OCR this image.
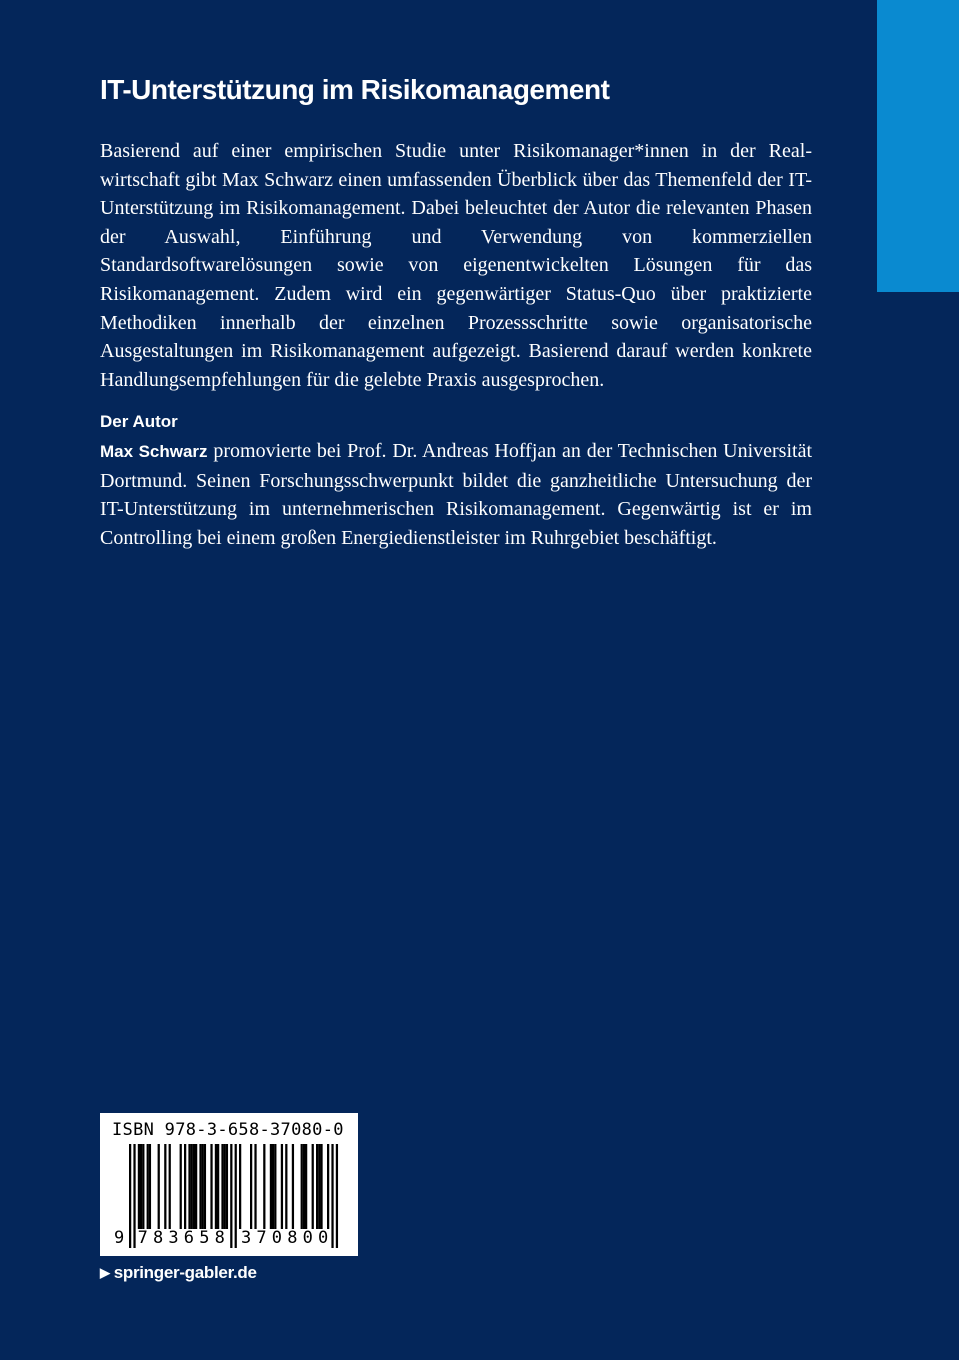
IT-Unterstützung im Risikomanagement

Basierend auf einer empirischen Studie unter Risikomanager*innen in der Realwirtschaft gibt Max Schwarz einen umfassenden Überblick über das Themenfeld der IT-Unterstützung im Risikomanagement. Dabei beleuchtet der Autor die relevanten Phasen der Auswahl, Einführung und Verwendung von kommerziellen Standardsoftwarelösungen sowie von eigenentwickelten Lösungen für das Risikomanagement. Zudem wird ein gegenwärtiger Status-Quo über praktizierte Methodiken innerhalb der einzelnen Prozessschritte sowie organisatorische Ausgestaltungen im Risikomanagement aufgezeigt. Basierend darauf werden konkrete Handlungsempfehlungen für die gelebte Praxis ausgesprochen.

Der Autor

Max Schwarz promovierte bei Prof. Dr. Andreas Hoffjan an der Technischen Universität Dortmund. Seinen Forschungsschwerpunkt bildet die ganzheitliche Untersuchung der IT-Unterstützung im unternehmerischen Risikomanagement. Gegenwärtig ist er im Controlling bei einem großen Energiedienstleister im Ruhrgebiet beschäftigt.

ISBN 978-3-658-37080-0
9 7 8 3 6 5 8 3 7 0 8 0 0
▶ springer-gabler.de
